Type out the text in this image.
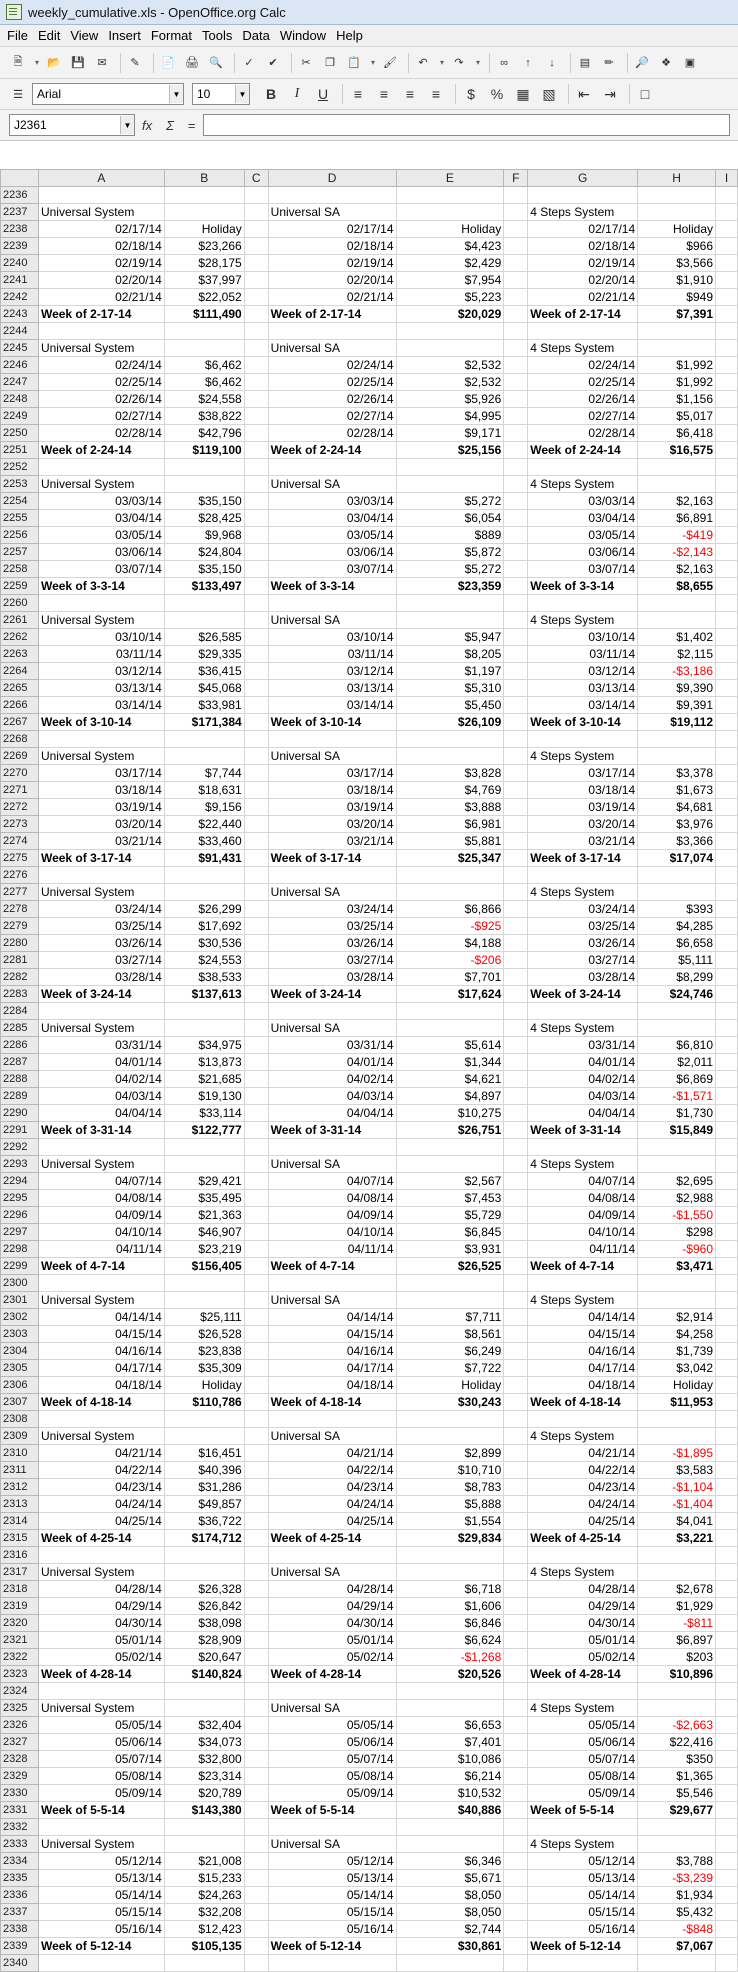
weekly_cumulative.xls - OpenOffice.org Calc
File Edit View Insert Format Tools Data Window Help
🗎	▾ 📂 💾	✉	✎	📄 🖨 🔍	✓	✔	✂	❐	📋	▾ 🖌	↶	▾ ↷	▾	∞	↑	↓	▤	✏	🔎	❖	▣
☰	Arial	▼	10	▼	B	I	U	≡	≡	≡	≡	$	% ▦ ▧	⇤	⇥	□
J2361	▼ fx Σ =
	A	B	C	D	E	F	G	H	I
2236									
2237	Universal System			Universal SA			4 Steps System		
2238	02/17/14	Holiday		02/17/14	Holiday		02/17/14	Holiday	
2239	02/18/14	$23,266		02/18/14	$4,423		02/18/14	$966	
2240	02/19/14	$28,175		02/19/14	$2,429		02/19/14	$3,566	
2241	02/20/14	$37,997		02/20/14	$7,954		02/20/14	$1,910	
2242	02/21/14	$22,052		02/21/14	$5,223		02/21/14	$949	
2243	Week of 2-17-14	$111,490		Week of 2-17-14	$20,029		Week of 2-17-14	$7,391	
2244									
2245	Universal System			Universal SA			4 Steps System		
2246	02/24/14	$6,462		02/24/14	$2,532		02/24/14	$1,992	
2247	02/25/14	$6,462		02/25/14	$2,532		02/25/14	$1,992	
2248	02/26/14	$24,558		02/26/14	$5,926		02/26/14	$1,156	
2249	02/27/14	$38,822		02/27/14	$4,995		02/27/14	$5,017	
2250	02/28/14	$42,796		02/28/14	$9,171		02/28/14	$6,418	
2251	Week of 2-24-14	$119,100		Week of 2-24-14	$25,156		Week of 2-24-14	$16,575	
2252									
2253	Universal System			Universal SA			4 Steps System		
2254	03/03/14	$35,150		03/03/14	$5,272		03/03/14	$2,163	
2255	03/04/14	$28,425		03/04/14	$6,054		03/04/14	$6,891	
2256	03/05/14	$9,968		03/05/14	$889		03/05/14	-$419	
2257	03/06/14	$24,804		03/06/14	$5,872		03/06/14	-$2,143	
2258	03/07/14	$35,150		03/07/14	$5,272		03/07/14	$2,163	
2259	Week of 3-3-14	$133,497		Week of 3-3-14	$23,359		Week of 3-3-14	$8,655	
2260									
2261	Universal System			Universal SA			4 Steps System		
2262	03/10/14	$26,585		03/10/14	$5,947		03/10/14	$1,402	
2263	03/11/14	$29,335		03/11/14	$8,205		03/11/14	$2,115	
2264	03/12/14	$36,415		03/12/14	$1,197		03/12/14	-$3,186	
2265	03/13/14	$45,068		03/13/14	$5,310		03/13/14	$9,390	
2266	03/14/14	$33,981		03/14/14	$5,450		03/14/14	$9,391	
2267	Week of 3-10-14	$171,384		Week of 3-10-14	$26,109		Week of 3-10-14	$19,112	
2268									
2269	Universal System			Universal SA			4 Steps System		
2270	03/17/14	$7,744		03/17/14	$3,828		03/17/14	$3,378	
2271	03/18/14	$18,631		03/18/14	$4,769		03/18/14	$1,673	
2272	03/19/14	$9,156		03/19/14	$3,888		03/19/14	$4,681	
2273	03/20/14	$22,440		03/20/14	$6,981		03/20/14	$3,976	
2274	03/21/14	$33,460		03/21/14	$5,881		03/21/14	$3,366	
2275	Week of 3-17-14	$91,431		Week of 3-17-14	$25,347		Week of 3-17-14	$17,074	
2276									
2277	Universal System			Universal SA			4 Steps System		
2278	03/24/14	$26,299		03/24/14	$6,866		03/24/14	$393	
2279	03/25/14	$17,692		03/25/14	-$925		03/25/14	$4,285	
2280	03/26/14	$30,536		03/26/14	$4,188		03/26/14	$6,658	
2281	03/27/14	$24,553		03/27/14	-$206		03/27/14	$5,111	
2282	03/28/14	$38,533		03/28/14	$7,701		03/28/14	$8,299	
2283	Week of 3-24-14	$137,613		Week of 3-24-14	$17,624		Week of 3-24-14	$24,746	
2284									
2285	Universal System			Universal SA			4 Steps System		
2286	03/31/14	$34,975		03/31/14	$5,614		03/31/14	$6,810	
2287	04/01/14	$13,873		04/01/14	$1,344		04/01/14	$2,011	
2288	04/02/14	$21,685		04/02/14	$4,621		04/02/14	$6,869	
2289	04/03/14	$19,130		04/03/14	$4,897		04/03/14	-$1,571	
2290	04/04/14	$33,114		04/04/14	$10,275		04/04/14	$1,730	
2291	Week of 3-31-14	$122,777		Week of 3-31-14	$26,751		Week of 3-31-14	$15,849	
2292									
2293	Universal System			Universal SA			4 Steps System		
2294	04/07/14	$29,421		04/07/14	$2,567		04/07/14	$2,695	
2295	04/08/14	$35,495		04/08/14	$7,453		04/08/14	$2,988	
2296	04/09/14	$21,363		04/09/14	$5,729		04/09/14	-$1,550	
2297	04/10/14	$46,907		04/10/14	$6,845		04/10/14	$298	
2298	04/11/14	$23,219		04/11/14	$3,931		04/11/14	-$960	
2299	Week of 4-7-14	$156,405		Week of 4-7-14	$26,525		Week of 4-7-14	$3,471	
2300									
2301	Universal System			Universal SA			4 Steps System		
2302	04/14/14	$25,111		04/14/14	$7,711		04/14/14	$2,914	
2303	04/15/14	$26,528		04/15/14	$8,561		04/15/14	$4,258	
2304	04/16/14	$23,838		04/16/14	$6,249		04/16/14	$1,739	
2305	04/17/14	$35,309		04/17/14	$7,722		04/17/14	$3,042	
2306	04/18/14	Holiday		04/18/14	Holiday		04/18/14	Holiday	
2307	Week of 4-18-14	$110,786		Week of 4-18-14	$30,243		Week of 4-18-14	$11,953	
2308									
2309	Universal System			Universal SA			4 Steps System		
2310	04/21/14	$16,451		04/21/14	$2,899		04/21/14	-$1,895	
2311	04/22/14	$40,396		04/22/14	$10,710		04/22/14	$3,583	
2312	04/23/14	$31,286		04/23/14	$8,783		04/23/14	-$1,104	
2313	04/24/14	$49,857		04/24/14	$5,888		04/24/14	-$1,404	
2314	04/25/14	$36,722		04/25/14	$1,554		04/25/14	$4,041	
2315	Week of 4-25-14	$174,712		Week of 4-25-14	$29,834		Week of 4-25-14	$3,221	
2316									
2317	Universal System			Universal SA			4 Steps System		
2318	04/28/14	$26,328		04/28/14	$6,718		04/28/14	$2,678	
2319	04/29/14	$26,842		04/29/14	$1,606		04/29/14	$1,929	
2320	04/30/14	$38,098		04/30/14	$6,846		04/30/14	-$811	
2321	05/01/14	$28,909		05/01/14	$6,624		05/01/14	$6,897	
2322	05/02/14	$20,647		05/02/14	-$1,268		05/02/14	$203	
2323	Week of 4-28-14	$140,824		Week of 4-28-14	$20,526		Week of 4-28-14	$10,896	
2324									
2325	Universal System			Universal SA			4 Steps System		
2326	05/05/14	$32,404		05/05/14	$6,653		05/05/14	-$2,663	
2327	05/06/14	$34,073		05/06/14	$7,401		05/06/14	$22,416	
2328	05/07/14	$32,800		05/07/14	$10,086		05/07/14	$350	
2329	05/08/14	$23,314		05/08/14	$6,214		05/08/14	$1,365	
2330	05/09/14	$20,789		05/09/14	$10,532		05/09/14	$5,546	
2331	Week of 5-5-14	$143,380		Week of 5-5-14	$40,886		Week of 5-5-14	$29,677	
2332									
2333	Universal System			Universal SA			4 Steps System		
2334	05/12/14	$21,008		05/12/14	$6,346		05/12/14	$3,788	
2335	05/13/14	$15,233		05/13/14	$5,671		05/13/14	-$3,239	
2336	05/14/14	$24,263		05/14/14	$8,050		05/14/14	$1,934	
2337	05/15/14	$32,208		05/15/14	$8,050		05/15/14	$5,432	
2338	05/16/14	$12,423		05/16/14	$2,744		05/16/14	-$848	
2339	Week of 5-12-14	$105,135		Week of 5-12-14	$30,861		Week of 5-12-14	$7,067	
2340									
